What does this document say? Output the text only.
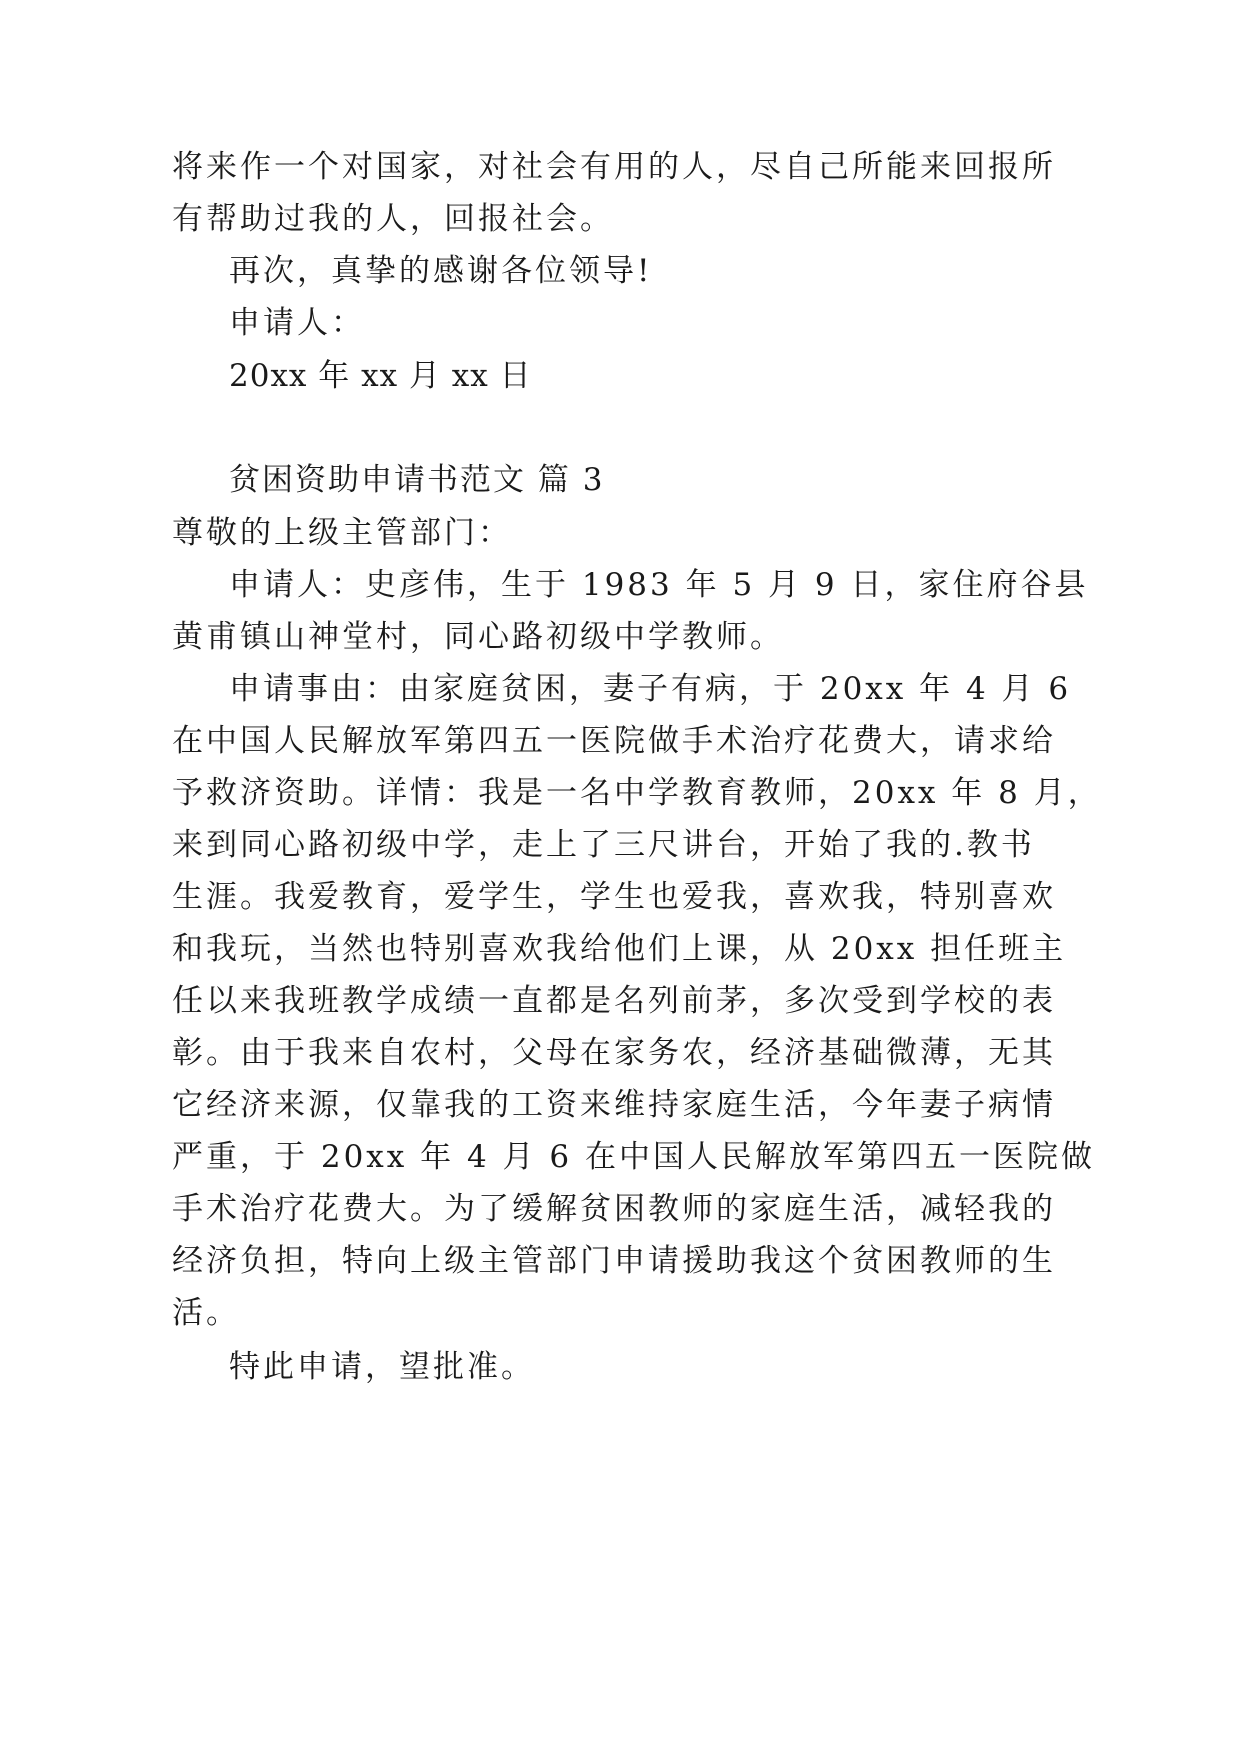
将来作一个对国家，对社会有用的人，尽自己所能来回报所
有帮助过我的人，回报社会。
再次，真挚的感谢各位领导!
申请人：
20xx 年 xx 月 xx 日
贫困资助申请书范文 篇 3
尊敬的上级主管部门：
申请人：史彦伟，生于 1983 年 5 月 9 日，家住府谷县
黄甫镇山神堂村，同心路初级中学教师。
申请事由：由家庭贫困，妻子有病，于 20xx 年 4 月 6
在中国人民解放军第四五一医院做手术治疗花费大，请求给
予救济资助。详情：我是一名中学教育教师，20xx 年 8 月，
来到同心路初级中学，走上了三尺讲台，开始了我的.教书
生涯。我爱教育，爱学生，学生也爱我，喜欢我，特别喜欢
和我玩，当然也特别喜欢我给他们上课，从 20xx 担任班主
任以来我班教学成绩一直都是名列前茅，多次受到学校的表
彰。由于我来自农村，父母在家务农，经济基础微薄，无其
它经济来源，仅靠我的工资来维持家庭生活，今年妻子病情
严重，于 20xx 年 4 月 6 在中国人民解放军第四五一医院做
手术治疗花费大。为了缓解贫困教师的家庭生活，减轻我的
经济负担，特向上级主管部门申请援助我这个贫困教师的生
活。
特此申请，望批准。
